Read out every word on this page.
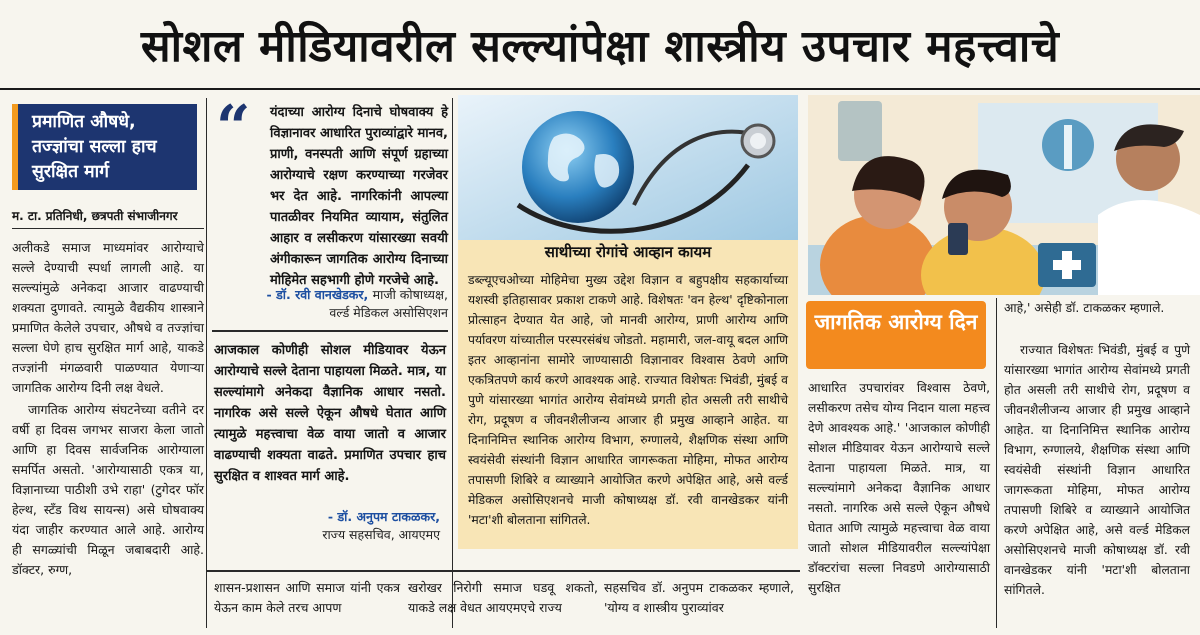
सोशल मीडियावरील सल्ल्यांपेक्षा शास्त्रीय उपचार महत्त्वाचे
प्रमाणित औषधे, तज्ज्ञांचा सल्ला हाच सुरक्षित मार्ग
म. टा. प्रतिनिधी, छत्रपती संभाजीनगर
अलीकडे समाज माध्यमांवर आरोग्याचे सल्ले देण्याची स्पर्धा लागली आहे. या सल्ल्यांमुळे अनेकदा आजार वाढण्याची शक्यता दुणावते. त्यामुळे वैद्यकीय शास्त्राने प्रमाणित केलेले उपचार, औषधे व तज्ज्ञांचा सल्ला घेणे हाच सुरक्षित मार्ग आहे, याकडे तज्ज्ञांनी मंगळवारी पाळण्यात येणाऱ्या जागतिक आरोग्य दिनी लक्ष वेधले.
जागतिक आरोग्य संघटनेच्या वतीने दर वर्षी हा दिवस जगभर साजरा केला जातो आणि हा दिवस सार्वजनिक आरोग्याला समर्पित असतो. 'आरोग्यासाठी एकत्र या, विज्ञानाच्या पाठीशी उभे राहा' (टुगेदर फॉर हेल्थ, स्टँड विथ सायन्स) असे घोषवाक्य यंदा जाहीर करण्यात आले आहे. आरोग्य ही सगळ्यांची मिळून जबाबदारी आहे. डॉक्टर, रुग्ण,
“ यंदाच्या आरोग्य दिनाचे घोषवाक्य हे विज्ञानावर आधारित पुराव्यांद्वारे मानव, प्राणी, वनस्पती आणि संपूर्ण ग्रहाच्या आरोग्याचे रक्षण करण्याच्या गरजेवर भर देत आहे. नागरिकांनी आपल्या पातळीवर नियमित व्यायाम, संतुलित आहार व लसीकरण यांसारख्या सवयी अंगीकारून जागतिक आरोग्य दिनाच्या मोहिमेत सहभागी होणे गरजेचे आहे.
- डॉ. रवी वानखेडकर, माजी कोषाध्यक्ष,
वर्ल्ड मेडिकल असोसिएशन
आजकाल कोणीही सोशल मीडियावर येऊन आरोग्याचे सल्ले देताना पाहायला मिळते. मात्र, या सल्ल्यांमागे अनेकदा वैज्ञानिक आधार नसतो. नागरिक असे सल्ले ऐकून औषधे घेतात आणि त्यामुळे महत्त्वाचा वेळ वाया जातो व आजार वाढण्याची शक्यता वाढते. प्रमाणित उपचार हाच सुरक्षित व शाश्वत मार्ग आहे.
- डॉ. अनुपम टाकळकर,
राज्य सहसचिव, आयएमए
शासन-प्रशासन आणि समाज यांनी एकत्र येऊन काम केले तरच आपण
खरोखर निरोगी समाज घडवू शकतो, याकडे लक्ष वेधत आयएमएचे राज्य
सहसचिव डॉ. अनुपम टाकळकर म्हणाले, 'योग्य व शास्त्रीय पुराव्यांवर
साथीच्या रोगांचे आव्हान कायम
डब्ल्यूएचओच्या मोहिमेचा मुख्य उद्देश विज्ञान व बहुपक्षीय सहकार्याच्या यशस्वी इतिहासावर प्रकाश टाकणे आहे. विशेषतः 'वन हेल्थ' दृष्टिकोनाला प्रोत्साहन देण्यात येत आहे, जो मानवी आरोग्य, प्राणी आरोग्य आणि पर्यावरण यांच्यातील परस्परसंबंध जोडतो. महामारी, जल-वायू बदल आणि इतर आव्हानांना सामोरे जाण्यासाठी विज्ञानावर विश्वास ठेवणे आणि एकत्रितपणे कार्य करणे आवश्यक आहे. राज्यात विशेषतः भिवंडी, मुंबई व पुणे यांसारख्या भागांत आरोग्य सेवांमध्ये प्रगती होत असली तरी साथीचे रोग, प्रदूषण व जीवनशैलीजन्य आजार ही प्रमुख आव्हाने आहेत. या दिनानिमित्त स्थानिक आरोग्य विभाग, रुग्णालये, शैक्षणिक संस्था आणि स्वयंसेवी संस्थांनी विज्ञान आधारित जागरूकता मोहिमा, मोफत आरोग्य तपासणी शिबिरे व व्याख्याने आयोजित करणे अपेक्षित आहे, असे वर्ल्ड मेडिकल असोसिएशनचे माजी कोषाध्यक्ष डॉ. रवी वानखेडकर यांनी 'मटा'शी बोलताना सांगितले.
जागतिक आरोग्य दिन
आधारित उपचारांवर विश्वास ठेवणे, लसीकरण तसेच योग्य निदान याला महत्त्व देणे आवश्यक आहे.' 'आजकाल कोणीही सोशल मीडियावर येऊन आरोग्याचे सल्ले देताना पाहायला मिळते. मात्र, या सल्ल्यांमागे अनेकदा वैज्ञानिक आधार नसतो. नागरिक असे सल्ले ऐकून औषधे घेतात आणि त्यामुळे महत्त्वाचा वेळ वाया जातो सोशल मीडियावरील सल्ल्यांपेक्षा डॉक्टरांचा सल्ला निवडणे आरोग्यासाठी सुरक्षित
आहे,' असेही डॉ. टाकळकर म्हणाले.
राज्यात विशेषतः भिवंडी, मुंबई व पुणे यांसारख्या भागांत आरोग्य सेवांमध्ये प्रगती होत असली तरी साथीचे रोग, प्रदूषण व जीवनशैलीजन्य आजार ही प्रमुख आव्हाने आहेत. या दिनानिमित्त स्थानिक आरोग्य विभाग, रुग्णालये, शैक्षणिक संस्था आणि स्वयंसेवी संस्थांनी विज्ञान आधारित जागरूकता मोहिमा, मोफत आरोग्य तपासणी शिबिरे व व्याख्याने आयोजित करणे अपेक्षित आहे, असे वर्ल्ड मेडिकल असोसिएशनचे माजी कोषाध्यक्ष डॉ. रवी वानखेडकर यांनी 'मटा'शी बोलताना सांगितले.
